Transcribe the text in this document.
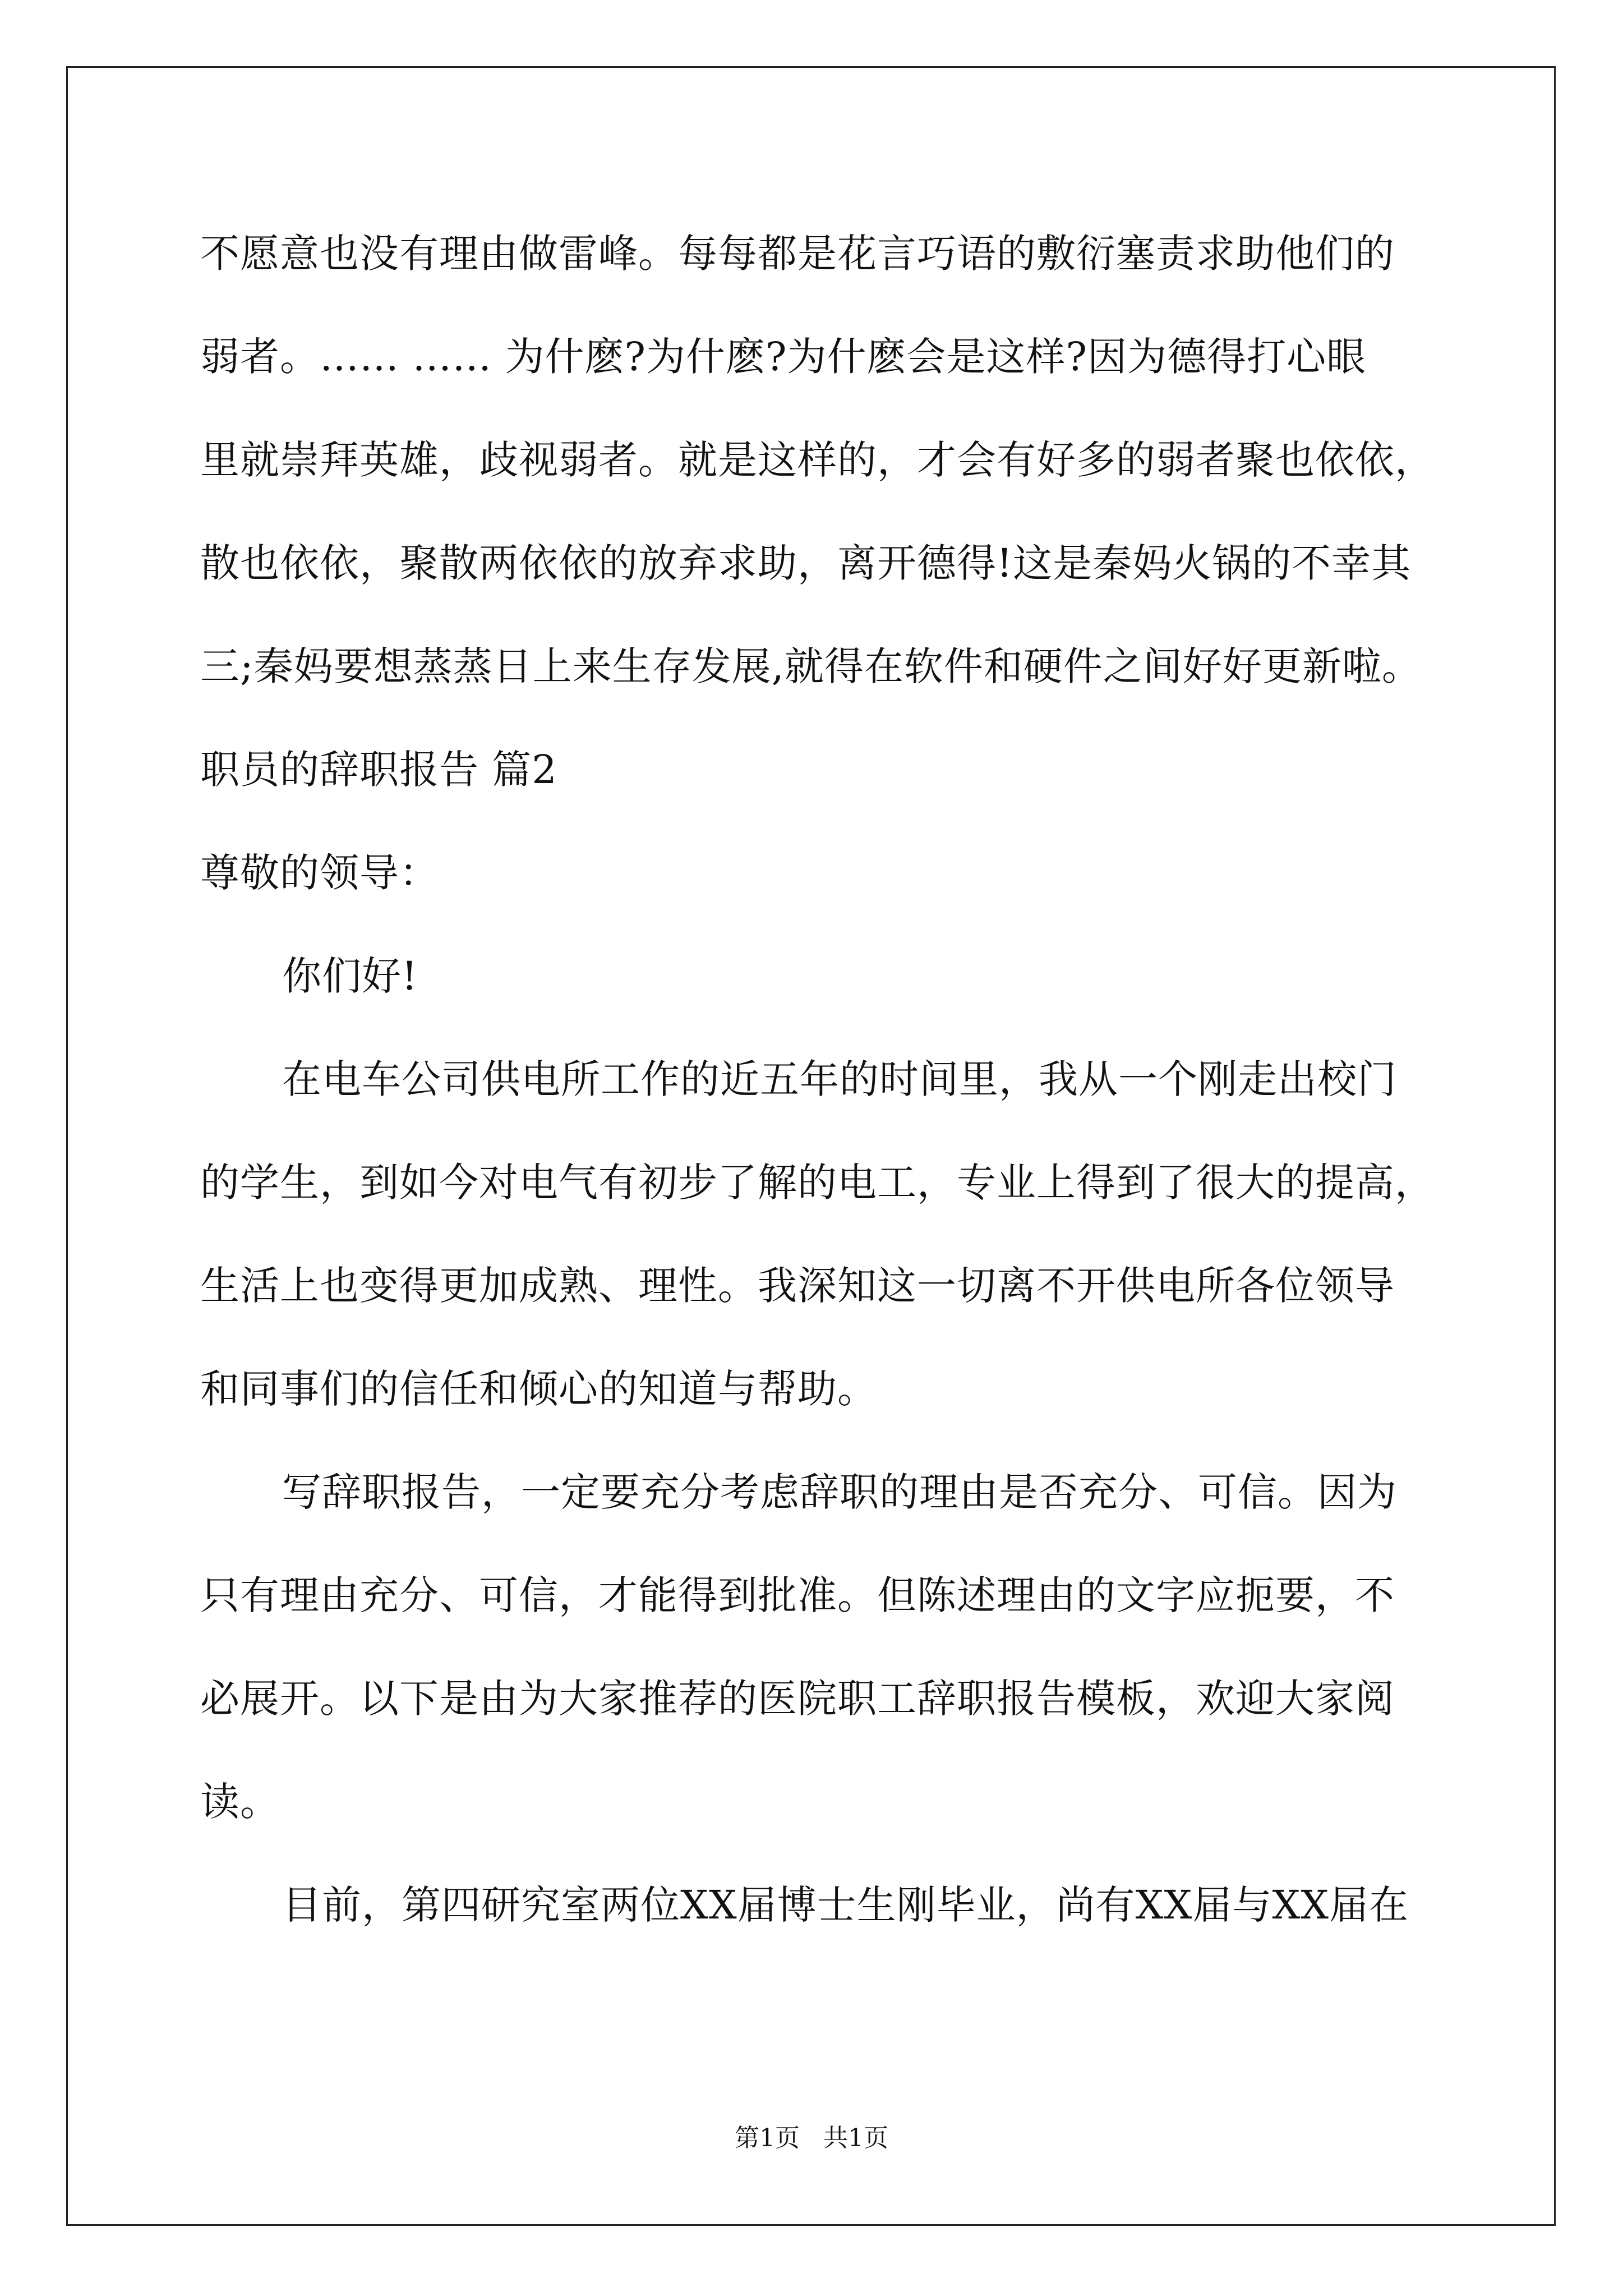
不愿意也没有理由做雷峰。每每都是花言巧语的敷衍塞责求助他们的
弱者。…… …… 为什麽?为什麽?为什麽会是这样?因为德得打心眼
里就崇拜英雄，歧视弱者。就是这样的，才会有好多的弱者聚也依依，
散也依依，聚散两依依的放弃求助，离开德得!这是秦妈火锅的不幸其
三;秦妈要想蒸蒸日上来生存发展,就得在软件和硬件之间好好更新啦。
职员的辞职报告 篇2
尊敬的领导：
你们好!
在电车公司供电所工作的近五年的时间里，我从一个刚走出校门
的学生，到如今对电气有初步了解的电工，专业上得到了很大的提高，
生活上也变得更加成熟、理性。我深知这一切离不开供电所各位领导
和同事们的信任和倾心的知道与帮助。
写辞职报告，一定要充分考虑辞职的理由是否充分、可信。因为
只有理由充分、可信，才能得到批准。但陈述理由的文字应扼要，不
必展开。以下是由为大家推荐的医院职工辞职报告模板，欢迎大家阅
读。
目前，第四研究室两位XX届博士生刚毕业，尚有XX届与XX届在
第1页   共1页
